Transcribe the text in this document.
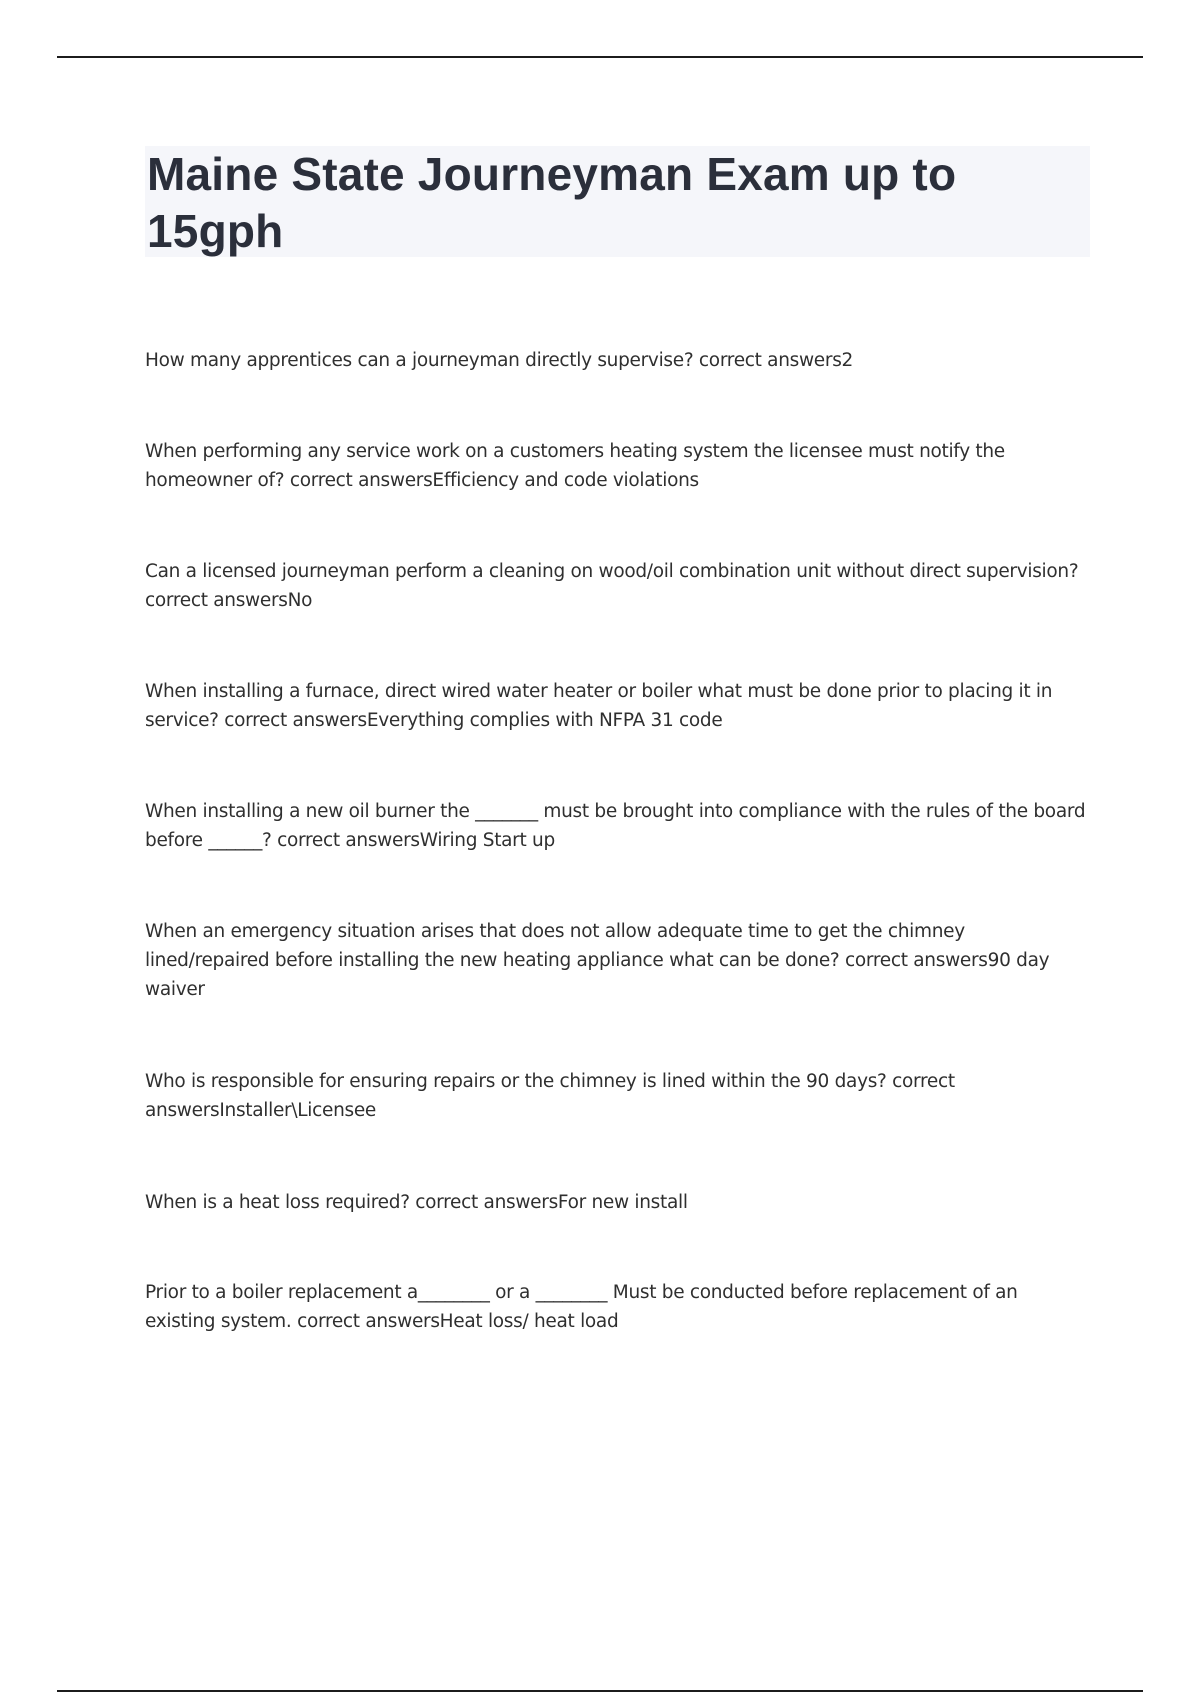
Maine State Journeyman Exam up to 15gph

How many apprentices can a journeyman directly supervise? correct answers2

When performing any service work on a customers heating system the licensee must notify the homeowner of? correct answersEfficiency and code violations

Can a licensed journeyman perform a cleaning on wood/oil combination unit without direct supervision? correct answersNo

When installing a furnace, direct wired water heater or boiler what must be done prior to placing it in service? correct answersEverything complies with NFPA 31 code

When installing a new oil burner the _______ must be brought into compliance with the rules of the board before ______? correct answersWiring Start up

When an emergency situation arises that does not allow adequate time to get the chimney lined/repaired before installing the new heating appliance what can be done? correct answers90 day waiver

Who is responsible for ensuring repairs or the chimney is lined within the 90 days? correct answersInstaller\Licensee

When is a heat loss required? correct answersFor new install

Prior to a boiler replacement a________ or a ________ Must be conducted before replacement of an existing system. correct answersHeat loss/ heat load
